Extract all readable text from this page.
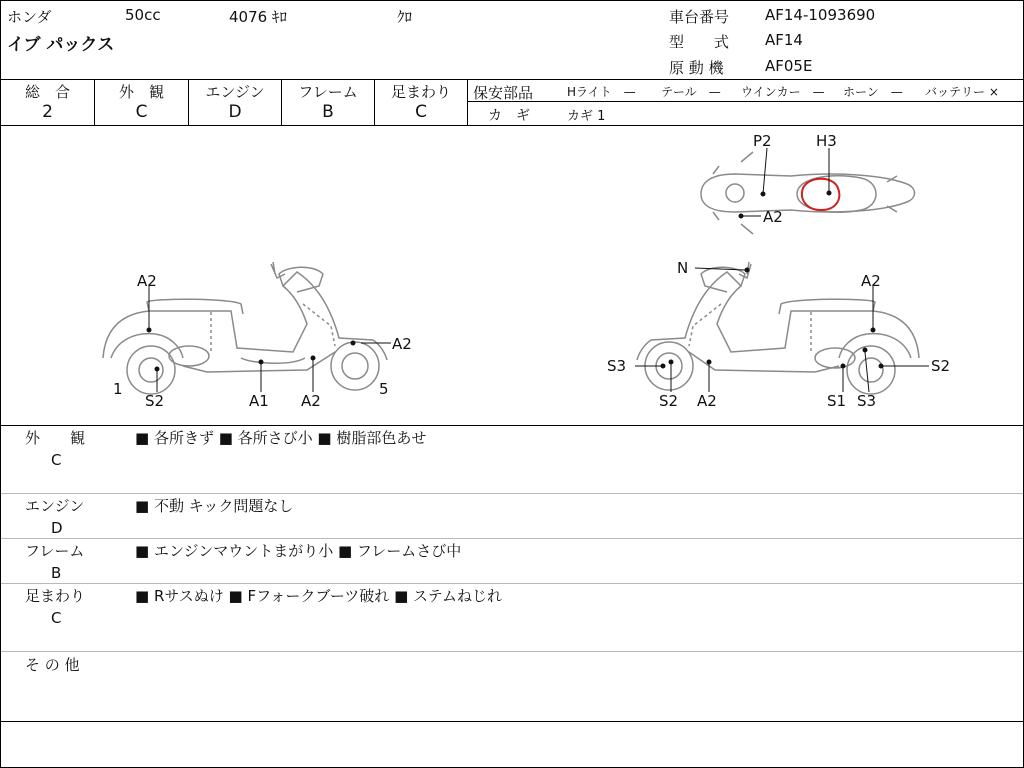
ホンダ	50cc	4076 ｷﾛ	ｸﾛ
イブ パックス
車台番号 AF14-1093690
型　　式 AF14
原 動 機	AF05E
総　合	外　観	エンジン	フレーム	足まわり
2	C	D	B	C
保安部品	Hライト　— テール　— ウインカー　— ホーン　— バッテリー ×
カ　ギ	カギ 1
A2
A2
1
S2	A1 A2
5
N
A2
S3
S2 A2	S1 S3
S2
P2	H3
A2
外　　観
C
■ 各所きず ■ 各所さび小 ■ 樹脂部色あせ
エンジン
D
■ 不動 キック問題なし
フレーム
B
■ エンジンマウントまがり小 ■ フレームさび中
足まわり
C
■ Rサスぬけ ■ Fフォークブーツ破れ ■ ステムねじれ
そ の 他
